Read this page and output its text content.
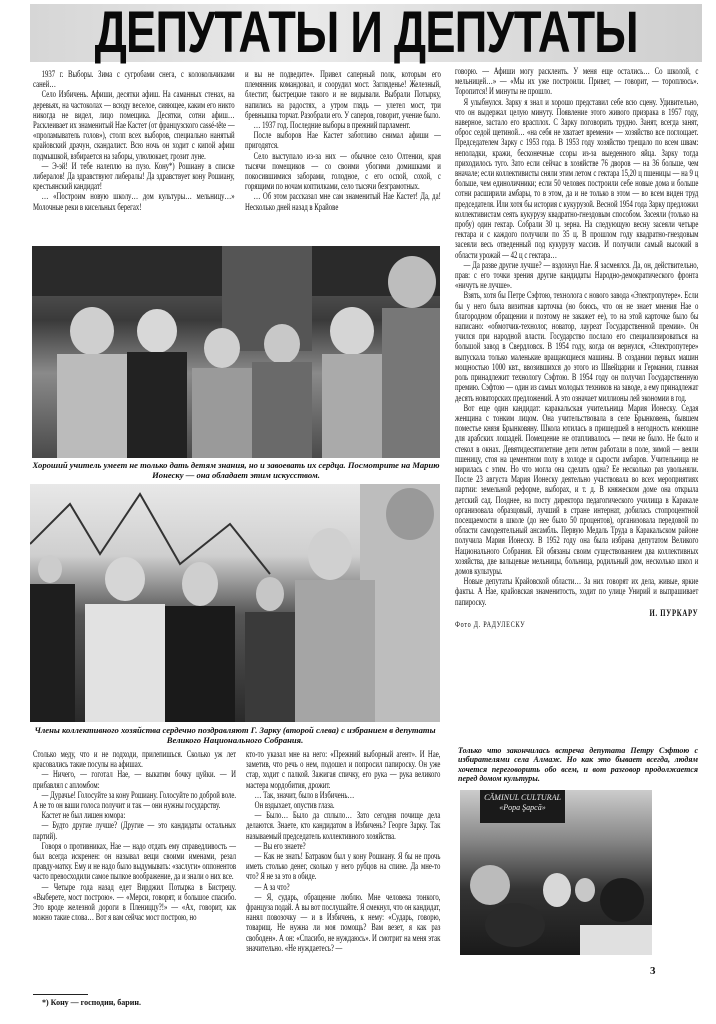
ДЕПУТАТЫ И ДЕПУТАТЫ

1937 г. Выборы. Зима с сугробами снега, с колокольчиками саней…

Село Избичень. Афиши, десятки афиш. На саманных стенах, на деревьях, на частоколах — всюду веселое, сияющее, каким его никто никогда не видел, лицо помещика. Десятки, сотни афиш… Расклеивает их знаменитый Нае Кастет (от французского cassé-tête — «проламыватель голов»), столп всех выборов, специально нанятый крайовский драчун, скандалист. Всю ночь он ходит с кипой афиш подмышкой, взбирается на заборы, улюлюкает, грозит луне.

— Э-эй! И тебе налеплю на пузо. Кону*) Рошиану в списке либералов! Да здравствуют либералы! Да здравствует кону Рошиану, крестьянский кандидат!

… «Построим новую школу… дом культуры… мельницу…» Молочные реки в кисельных берегах!

и вы не подведите». Привел саперный полк, которым его племянник командовал, и соорудил мост. Загляденье! Железный, блестит, быстрецкие такого и не видывали. Выбрали Потырку, напились на радостях, а утром глядь — улетел мост, три бревнышка торчат. Разобрали его. У саперов, говорит, учение было.

… 1937 год. Последние выборы в прежний парламент.

После выборов Нае Кастет заботливо снимал афиши — пригодятся.

Село выступало из-за них — обычное село Олтении, края тысячи помещиков — со своими убогими домишками и покосившимися заборами, голодное, с его оспой, сохой, с горящими по ночам коптилками, село тысячи безграмотных.

… Об этом рассказал мне сам знаменитый Нае Кастет! Да, да! Несколько дней назад в Крайове

Хороший учитель умеет не только дать детям знания, но и завоевать их сердца. Посмотрите на Марию Ионеску — она обладает этим искусством.
Члены коллективного хозяйства сердечно поздравляют Г. Зарку (второй слева) с избранием в депутаты Великого Национального Собрания.

говорю. — Афиши могу расклеить. У меня еще остались… Со школой, с мельницей…» — «Мы их уже построили. Привет, — говорит, — тороплюсь». Торопится! И минуты не прошло.

Я улыбнулся. Зарку я знал и хорошо представил себе всю сцену. Удивительно, что он выдержал целую минуту. Появление этого живого призрака в 1957 году, наверное, застало его врасплох. С Зарку поговорить трудно. Занят, всегда занят, оброс седой щетиной… «на себя не хватает времени» — хозяйство все поглощает. Председателем Зарку с 1953 года. В 1953 году хозяйство трещало по всем швам: неполадки, кражи, бесконечные ссоры из-за выеденного яйца. Зарку тогда приходилось туго. Зато если сейчас в хозяйстве 76 дворов — на 36 больше, чем вначале; если коллективисты сняли этим летом с гектара 15,20 ц пшеницы — на 9 ц больше, чем единоличники; если 50 человек построили себе новые дома и больше сотни расширили амбары, то в этом, да и не только в этом — во всем виден труд председателя. Или хотя бы история с кукурузой. Весной 1954 года Зарку предложил коллективистам сеять кукурузу квадратно-гнездовым способом. Засеяли (только на пробу) один гектар. Собрали 30 ц. зерна. На следующую весну засеяли четыре гектара и с каждого получили по 35 ц. В прошлом году квадратно-гнездовым засеяли весь отведенный под кукурузу массив. И получили самый высокий в области урожай — 42 ц с гектара…

— Да разве другие лучше? — вздохнул Нае. Я засмеялся. Да, он, действительно, прав: с его точки зрения другие кандидаты Народно-демократического фронта «ничуть не лучше».

Взять, хотя бы Петре Сэфтою, технолога с нового завода «Электропутере». Если бы у него была визитная карточка (но боюсь, что он не знает мнения Нае о благородном обращении и поэтому не закажет ее), то на этой карточке было бы написано: «обмотчик-технолог, новатор, лауреат Государственной премии». Он учился при народной власти. Государство послало его специализироваться на большой завод в Свердловск. В 1954 году, когда он вернулся, «Электропутере» выпускала только маленькие вращающиеся машины. В создании первых машин мощностью 1000 квт., ввозившихся до этого из Швейцарии и Германии, главная роль принадлежит технологу Сэфтою. В 1954 году он получил Государственную премию. Сэфтою — один из самых молодых техников на заводе, а ему принадлежат десять новаторских предложений. А это означает миллионы лей экономии в год.

Вот еще один кандидат: каракальская учительница Мария Ионеску. Седая женщина с тонким лицом. Она учительствовала в селе Брынковень, бывшем поместье князя Брынковяну. Школа ютилась в пришедшей в негодность конюшне для арабских лошадей. Помещение не отапливалось — печи не было. Не было и стекол в окнах. Девятидесятилетние дети летом работали в поле, зимой — веяли пшеницу, стоя на цементном полу в холоде и сырости амбаров. Учительница не мирилась с этим. Но что могла она сделать одна? Ее несколько раз увольняли. После 23 августа Мария Ионеску деятельно участвовала во всех мероприятиях партии: земельной реформе, выборах, и т. д. В княжеском доме она открыла детский сад. Позднее, на посту директора педагогического училища в Каракале организовала образцовый, лучший в стране интернат, добилась стопроцентной посещаемости в школе (до нее было 50 процентов), организовала передовой по области самодеятельный ансамбль. Первую Медаль Труда в Каракальском районе получила Мария Ионеску. В 1952 году она была избрана депутатом Великого Национального Собрания. Ей обязаны своим существованием два коллективных хозяйства, две вальцевые мельницы, больница, родильный дом, несколько школ и домов культуры.

Новые депутаты Крайовской области… За них говорят их дела, живые, яркие факты. А Нае, крайовская знаменитость, ходит по улице Унирий и выпрашивает папироску.

И. ПУРКАРУ
Фото Д. РАДУЛЕСКУ
Только что закончилась встреча депутата Петру Сэфтою с избирателями села Алмаж. Но как это бывает всегда, людям хочется переговорить обо всем, и вот разговор продолжается перед домом культуры.
CĂMINUL CULTURAL «Popa Şapcă»
3

Столько меду, что и не подходи, прилепишься. Сколько уж лет красовались такие посулы на афишах.

— Ничего, — гоготал Нае, — выкатим бочку цуйки. — И прибавлял с апломбом:

— Дурачье! Голосуйте за кону Рошиану. Голосуйте по доброй воле. А не то он ваши голоса получит и так — они нужны государству.

Кастет не был лишен юмора:

— Будто другие лучше? (Другие — это кандидаты остальных партий).

Говоря о противниках, Нае — надо отдать ему справедливость — был всегда искренен: он называл вещи своими именами, резал правду-матку. Ему и не надо было выдумывать: «заслуги» оппонентов часто превосходили самое пылкое воображение, да и знали о них все.

— Четыре года назад едет Вирджил Потырка в Бистрецу. «Выберете, мост построю». — «Мерси, говорят, и большое спасибо. Это вроде железной дороги в Плениццу?!» — «Ах, говорит, как можно такие слова… Вот я вам сейчас мост построю, но

*) Кону — господин, барин.

кто-то указал мне на него: «Прежний выборный агент». И Нае, заметив, что речь о нем, подошел и попросил папироску. Он уже стар, ходит с палкой. Зажигая спичку, его рука — рука великого мастера мордобития, дрожит.

… Так, значит, было в Избичень…

Он вздыхает, опустив глаза.

— Было… Было да сплыло… Зато сегодня почище дела делаются. Знаете, кто кандидатом в Избичень? Георге Зарку. Так называемый председатель коллективного хозяйства.

— Вы его знаете?

— Как не знать! Батраком был у кону Рошиану. Я бы не прочь иметь столько денег, сколько у него рубцов на спине. Да мне-то что? Я не за это в обиде.

— А за что?

— Я, сударь, обращение люблю. Мне человека тонкого, француза подай. А вы вот послушайте. Я смекнул, что он кандидат, нанял повозочку — и в Избичень, к нему: «Сударь, говорю, товарищ. Не нужна ли моя помощь? Вам везет, я как раз свободен». А он: «Спасибо, не нуждаюсь». И смотрит на меня этак значительно. «Не нуждаетесь? —
